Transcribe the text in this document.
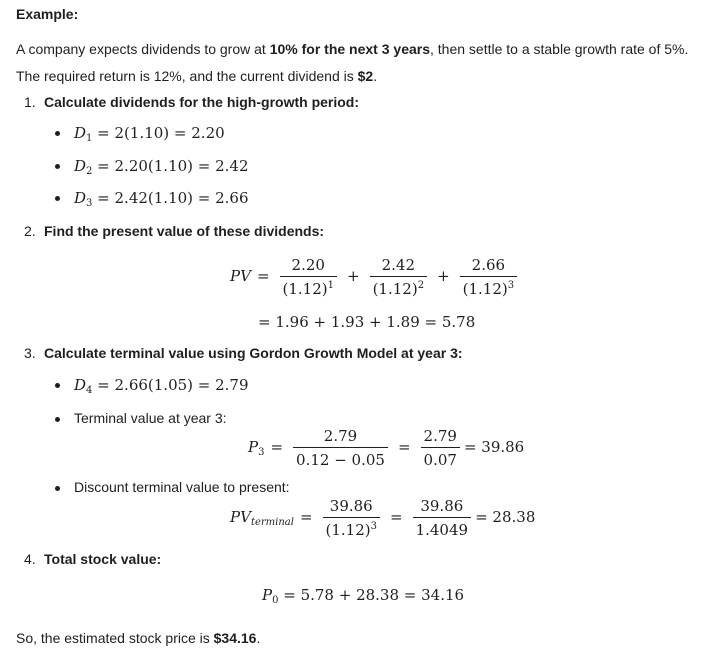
Example:
A company expects dividends to grow at 10% for the next 3 years, then settle to a stable growth rate of 5%. The required return is 12%, and the current dividend is $2.
1. Calculate dividends for the high-growth period:
$D_1 = 2(1.10) = 2.20$
$D_2 = 2.20(1.10) = 2.42$
$D_3 = 2.42(1.10) = 2.66$
2. Find the present value of these dividends:
PV = $\frac{2.20}{(1.12)^1} + \frac{2.42}{(1.12)^2} + \frac{2.66}{(1.12)^3}$
= 1.96 + 1.93 + 1.89 = 5.78
3. Calculate terminal value using Gordon Growth Model at year 3:
$D_4 = 2.66(1.05) = 2.79$
Terminal value at year 3:
$P_3 = \frac{2.79}{0.12 - 0.05} = \frac{2.79}{0.07} = 39.86$
Discount terminal value to present:
$PV_{terminal} = \frac{39.86}{(1.12)^3} = \frac{39.86}{1.4049} = 28.38$
4. Total stock value:
$P_0 = 5.78 + 28.38 = 34.16$
So, the estimated stock price is $34.16.
